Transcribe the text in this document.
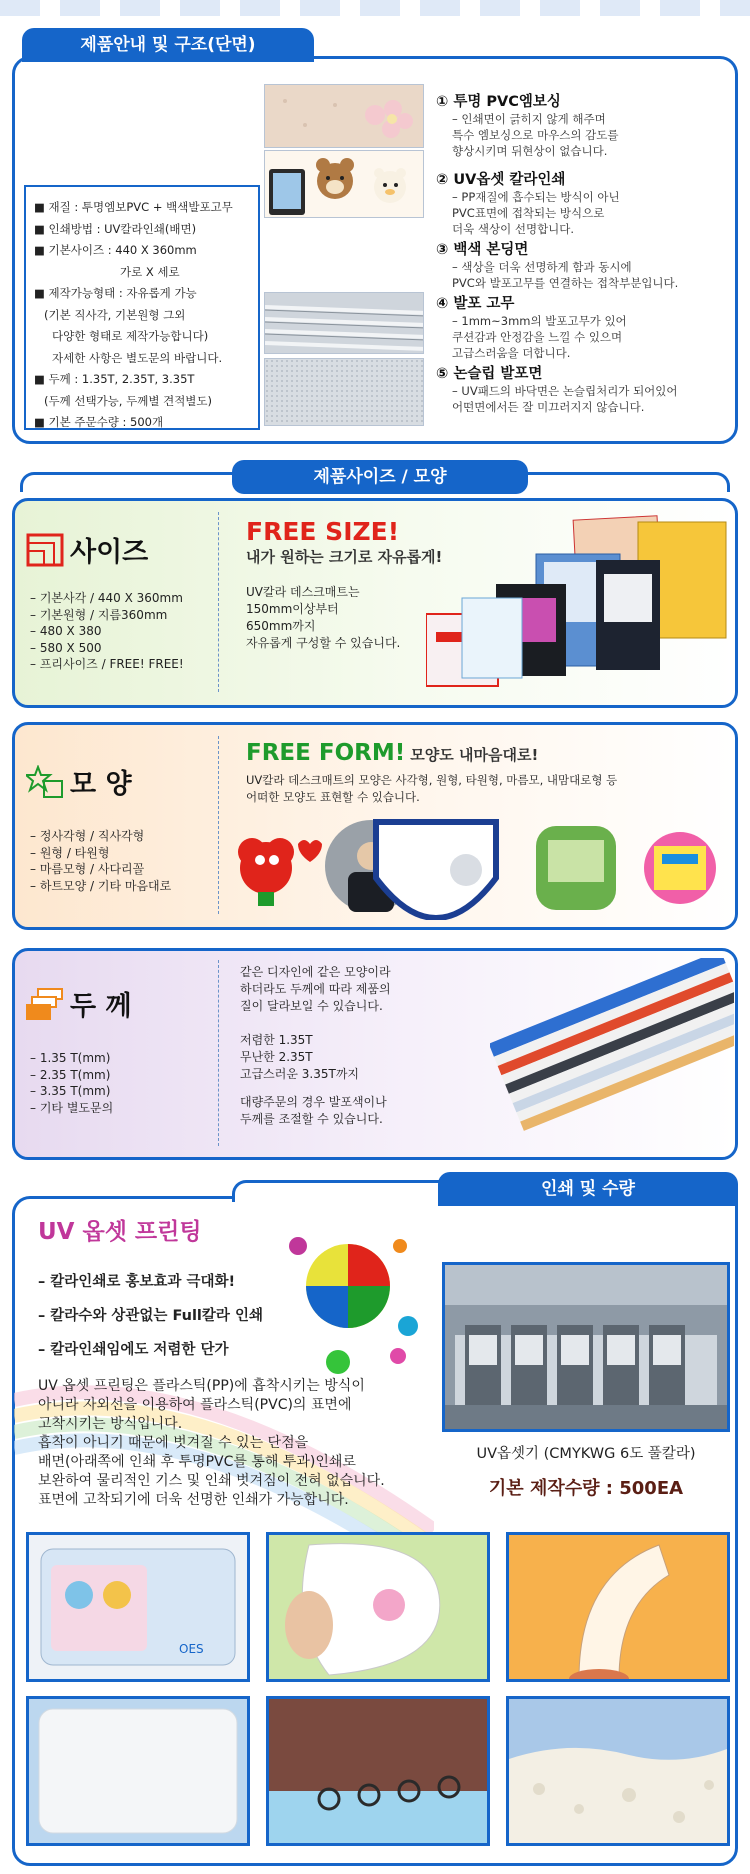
제품안내 및 구조(단면)
■ 재질 : 투명엠보PVC + 백색발포고무
■ 인쇄방법 : UV칼라인쇄(배면)
■ 기본사이즈 : 440 X 360mm
가로 X 세로
■ 제작가능형태 : 자유롭게 가능
(기본 직사각, 기본원형 그외
다양한 형태로 제작가능합니다)
자세한 사항은 별도문의 바랍니다.
■ 두께 : 1.35T, 2.35T, 3.35T
(두께 선택가능, 두께별 견적별도)
■ 기본 주문수량 : 500개
① 투명 PVC엠보싱
– 인쇄면이 긁히지 않게 해주며
특수 엠보싱으로 마우스의 감도를
향상시키며 뒤현상이 없습니다.
② UV옵셋 칼라인쇄
– PP재질에 흡수되는 방식이 아닌
PVC표면에 접착되는 방식으로
더욱 색상이 선명합니다.
③ 백색 본딩면
– 색상을 더욱 선명하게 함과 동시에
PVC와 발포고무를 연결하는 접착부분입니다.
④ 발포 고무
– 1mm~3mm의 발포고무가 있어
쿠션감과 안정감을 느낄 수 있으며
고급스러움을 더합니다.
⑤ 논슬립 발포면
– UV패드의 바닥면은 논슬립처리가 되어있어
어떤면에서든 잘 미끄러지지 않습니다.
제품사이즈 / 모양
사이즈
– 기본사각 / 440 X 360mm
– 기본원형 / 지름360mm
– 480 X 380
– 580 X 500
– 프리사이즈 / FREE! FREE!
FREE SIZE!
내가 원하는 크기로 자유롭게!
UV칼라 데스크매트는
150mm이상부터
650mm까지
자유롭게 구성할 수 있습니다.
모 양
– 정사각형 / 직사각형
– 원형 / 타원형
– 마름모형 / 사다리꼴
– 하트모양 / 기타 마음대로
FREE FORM! 모양도 내마음대로!
UV칼라 데스크매트의 모양은 사각형, 원형, 타원형, 마름모, 내맘대로형 등
어떠한 모양도 표현할 수 있습니다.
두 께
– 1.35 T(mm)
– 2.35 T(mm)
– 3.35 T(mm)
– 기타 별도문의
같은 디자인에 같은 모양이라
하더라도 두께에 따라 제품의
질이 달라보일 수 있습니다.
저렴한 1.35T
무난한 2.35T
고급스러운 3.35T까지
대량주문의 경우 발포색이나
두께를 조절할 수 있습니다.
인쇄 및 수량
UV 옵셋 프린팅
– 칼라인쇄로 홍보효과 극대화!
– 칼라수와 상관없는 Full칼라 인쇄
– 칼라인쇄임에도 저렴한 단가
UV 옵셋 프린팅은 플라스틱(PP)에 흡착시키는 방식이
아니라 자외선을 이용하여 플라스틱(PVC)의 표면에
고착시키는 방식입니다.
흡착이 아니기 때문에 벗겨질 수 있는 단점을
배면(아래쪽에 인쇄 후 투명PVC를 통해 투과)인쇄로
보완하여 물리적인 기스 및 인쇄 벗겨짐이 전혀 없습니다.
표면에 고착되기에 더욱 선명한 인쇄가 가능합니다.
UV옵셋기 (CMYKWG 6도 풀칼라)
기본 제작수량 : 500EA
OES
